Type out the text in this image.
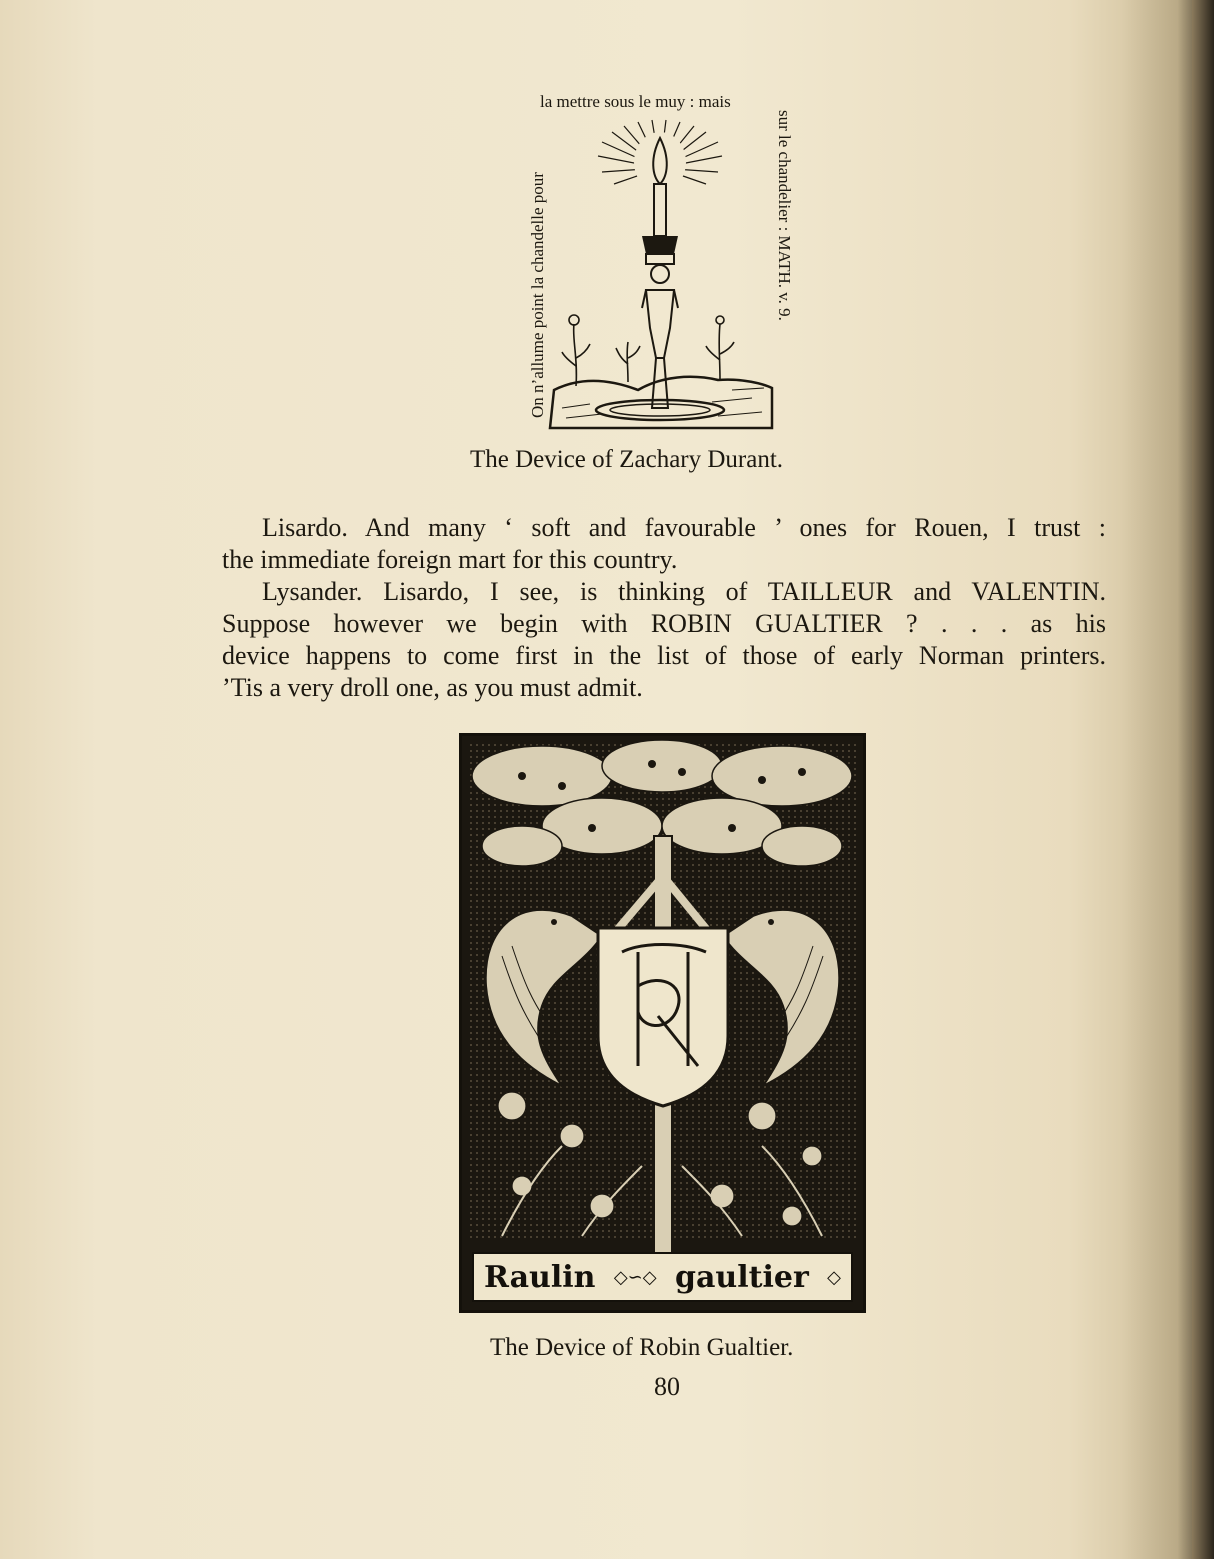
la mettre sous le muy : mais
On n’allume point la chandelle pour	sur le chandelier : MATH. v. 9.
The Device of Zachary Durant.
Lisardo. And many ‘ soft and favourable ’ ones for Rouen, I trust :
the immediate foreign mart for this country.
Lysander. Lisardo, I see, is thinking of TAILLEUR and VALENTIN.
Suppose however we begin with ROBIN GUALTIER ? . . . as his
device happens to come first in the list of those of early Norman printers.
’Tis a very droll one, as you must admit.
Raulin ◇∽◇ gaultier ◇
The Device of Robin Gualtier.
80
